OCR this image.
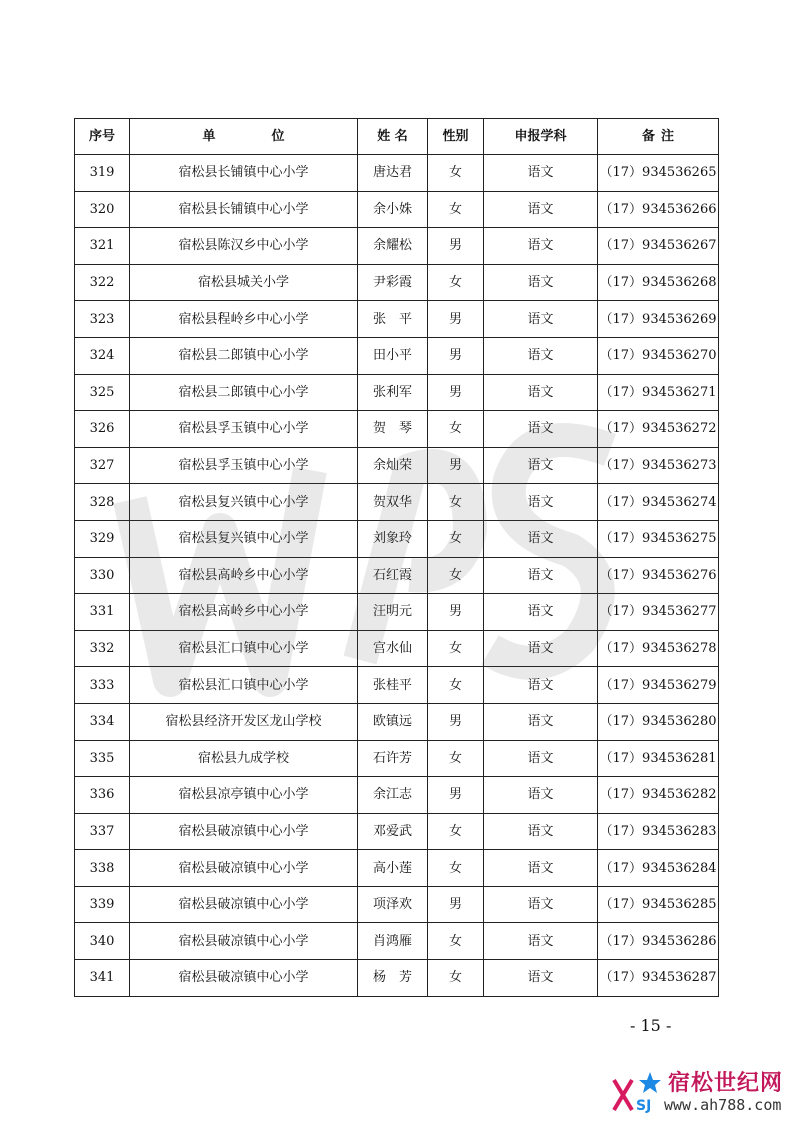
序号	单 位	姓 名	性别	申报学科	备 注
319	宿松县长铺镇中心小学	唐达君	女	语文	（17）934536265
320	宿松县长铺镇中心小学	余小姝	女	语文	（17）934536266
321	宿松县陈汉乡中心小学	余耀松	男	语文	（17）934536267
322	宿松县城关小学	尹彩霞	女	语文	（17）934536268
323	宿松县程岭乡中心小学	张　平	男	语文	（17）934536269
324	宿松县二郎镇中心小学	田小平	男	语文	（17）934536270
325	宿松县二郎镇中心小学	张利军	男	语文	（17）934536271
326	宿松县孚玉镇中心小学	贺　琴	女	语文	（17）934536272
327	宿松县孚玉镇中心小学	余灿荣	男	语文	（17）934536273
328	宿松县复兴镇中心小学	贺双华	女	语文	（17）934536274
329	宿松县复兴镇中心小学	刘象玲	女	语文	（17）934536275
330	宿松县高岭乡中心小学	石红霞	女	语文	（17）934536276
331	宿松县高岭乡中心小学	汪明元	男	语文	（17）934536277
332	宿松县汇口镇中心小学	宫水仙	女	语文	（17）934536278
333	宿松县汇口镇中心小学	张桂平	女	语文	（17）934536279
334	宿松县经济开发区龙山学校	欧镇远	男	语文	（17）934536280
335	宿松县九成学校	石许芳	女	语文	（17）934536281
336	宿松县凉亭镇中心小学	余江志	男	语文	（17）934536282
337	宿松县破凉镇中心小学	邓爱武	女	语文	（17）934536283
338	宿松县破凉镇中心小学	高小莲	女	语文	（17）934536284
339	宿松县破凉镇中心小学	项泽欢	男	语文	（17）934536285
340	宿松县破凉镇中心小学	肖鸿雁	女	语文	（17）934536286
341	宿松县破凉镇中心小学	杨　芳	女	语文	（17）934536287
- 15 -
SJ
宿松世纪网
www.ah788.com
